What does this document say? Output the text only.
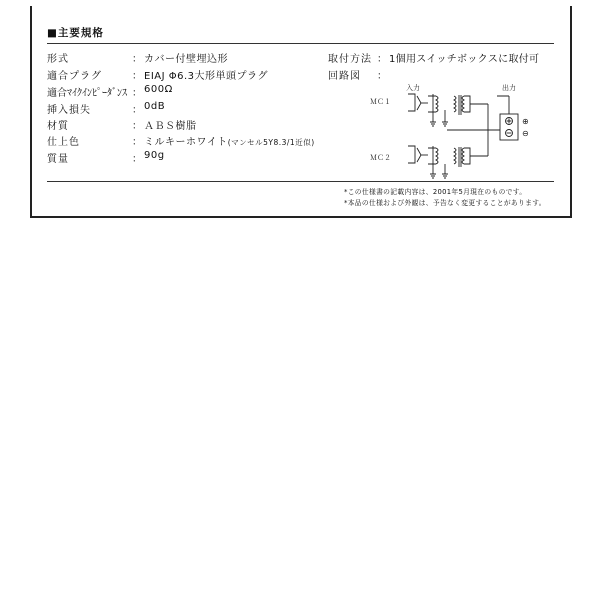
■主要規格
形式	： カバー付壁埋込形
適合プラグ	： EIAJ Φ6.3大形単頭プラグ
適合ﾏｲｸｲﾝﾋﾟｰﾀﾞﾝｽ ： 600Ω
挿入損失	： 0dB
材質	： ＡＢＳ樹脂
仕上色	： ミルキーホワイト(マンセル5Y8.3/1近似)
質量	： 90g
取付方法 ： 1個用スイッチボックスに取付可
回路図 ：
入力	出力
ＭＣ１
ＭＣ２
⊕
⊖
*この仕様書の記載内容は、2001年5月現在のものです。
*本品の仕様および外観は、予告なく変更することがあります。
